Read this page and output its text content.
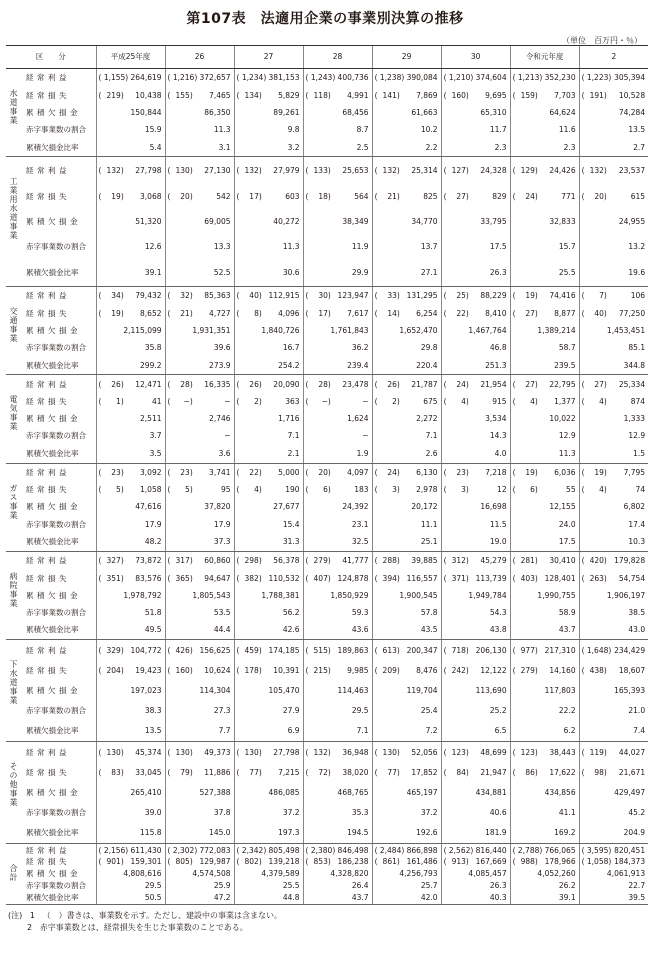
第107表　法適用企業の事業別決算の推移
（単位　百万円・％）
区　　分		平成25年度		26		27		28		29		30		令和元年度		2	

水道事業	経常利益	( 1,155)	264,619	( 1,216)	372,657	( 1,234)	381,153	( 1,243)	400,736	( 1,238)	390,084	( 1,210)	374,604	( 1,213)	352,230	( 1,223)	305,394
	経常損失	( 219)	10,438	( 155)	7,465	( 134)	5,829	( 118)	4,991	( 141)	7,869	( 160)	9,695	( 159)	7,703	( 191)	10,528
	累積欠損金		150,844		86,350		89,261		68,456		61,663		65,310		64,624		74,284
	赤字事業数の割合		15.9		11.3		9.8		8.7		10.2		11.7		11.6		13.5
	累積欠損金比率		5.4		3.1		3.2		2.5		2.2		2.3		2.3		2.7

工業用水道事業	経常利益	( 132)	27,798	( 130)	27,130	( 132)	27,979	( 133)	25,653	( 132)	25,314	( 127)	24,328	( 129)	24,426	( 132)	23,537
	経常損失	( 19)	3,068	( 20)	542	( 17)	603	( 18)	564	( 21)	825	( 27)	829	( 24)	771	( 20)	615
	累積欠損金		51,320		69,005		40,272		38,349		34,770		33,795		32,833		24,955
	赤字事業数の割合		12.6		13.3		11.3		11.9		13.7		17.5		15.7		13.2
	累積欠損金比率		39.1		52.5		30.6		29.9		27.1		26.3		25.5		19.6

交通事業	経常利益	( 34)	79,432	( 32)	85,363	( 40)	112,915	( 30)	123,947	( 33)	131,295	( 25)	88,229	( 19)	74,416	( 7)	106
	経常損失	( 19)	8,652	( 21)	4,727	( 8)	4,096	( 17)	7,617	( 14)	6,254	( 22)	8,410	( 27)	8,877	( 40)	77,250
	累積欠損金		2,115,099		1,931,351		1,840,726		1,761,843		1,652,470		1,467,764		1,389,214		1,453,451
	赤字事業数の割合		35.8		39.6		16.7		36.2		29.8		46.8		58.7		85.1
	累積欠損金比率		299.2		273.9		254.2		239.4		220.4		251.3		239.5		344.8

電気事業	経常利益	( 26)	12,471	( 28)	16,335	( 26)	20,090	( 28)	23,478	( 26)	21,787	( 24)	21,954	( 27)	22,795	( 27)	25,334
	経常損失	( 1)	41	( −)	−	( 2)	363	( −)	−	( 2)	675	( 4)	915	( 4)	1,377	( 4)	874
	累積欠損金		2,511		2,746		1,716		1,624		2,272		3,534		10,022		1,333
	赤字事業数の割合		3.7		−		7.1		−		7.1		14.3		12.9		12.9
	累積欠損金比率		3.5		3.6		2.1		1.9		2.6		4.0		11.3		1.5

ガス事業	経常利益	( 23)	3,092	( 23)	3,741	( 22)	5,000	( 20)	4,097	( 24)	6,130	( 23)	7,218	( 19)	6,036	( 19)	7,795
	経常損失	( 5)	1,058	( 5)	95	( 4)	190	( 6)	183	( 3)	2,978	( 3)	12	( 6)	55	( 4)	74
	累積欠損金		47,616		37,820		27,677		24,392		20,172		16,698		12,155		6,802
	赤字事業数の割合		17.9		17.9		15.4		23.1		11.1		11.5		24.0		17.4
	累積欠損金比率		48.2		37.3		31.3		32.5		25.1		19.0		17.5		10.3

病院事業	経常利益	( 327)	73,872	( 317)	60,860	( 298)	56,378	( 279)	41,777	( 288)	39,885	( 312)	45,279	( 281)	30,410	( 420)	179,828
	経常損失	( 351)	83,576	( 365)	94,647	( 382)	110,532	( 407)	124,878	( 394)	116,557	( 371)	113,739	( 403)	128,401	( 263)	54,754
	累積欠損金		1,978,792		1,805,543		1,788,381		1,850,929		1,900,545		1,949,784		1,990,755		1,906,197
	赤字事業数の割合		51.8		53.5		56.2		59.3		57.8		54.3		58.9		38.5
	累積欠損金比率		49.5		44.4		42.6		43.6		43.5		43.8		43.7		43.0

下水道事業	経常利益	( 329)	104,772	( 426)	156,625	( 459)	174,185	( 515)	189,863	( 613)	200,347	( 718)	206,130	( 977)	217,310	( 1,648)	234,429
	経常損失	( 204)	19,423	( 160)	10,624	( 178)	10,391	( 215)	9,985	( 209)	8,476	( 242)	12,122	( 279)	14,160	( 438)	18,607
	累積欠損金		197,023		114,304		105,470		114,463		119,704		113,690		117,803		165,393
	赤字事業数の割合		38.3		27.3		27.9		29.5		25.4		25.2		22.2		21.0
	累積欠損金比率		13.5		7.7		6.9		7.1		7.2		6.5		6.2		7.4

その他事業	経常利益	( 130)	45,374	( 130)	49,373	( 130)	27,798	( 132)	36,948	( 130)	52,056	( 123)	48,699	( 123)	38,443	( 119)	44,027
	経常損失	( 83)	33,045	( 79)	11,886	( 77)	7,215	( 72)	38,020	( 77)	17,852	( 84)	21,947	( 86)	17,622	( 98)	21,671
	累積欠損金		265,410		527,388		486,085		468,765		465,197		434,881		434,856		429,497
	赤字事業数の割合		39.0		37.8		37.2		35.3		37.2		40.6		41.1		45.2
	累積欠損金比率		115.8		145.0		197.3		194.5		192.6		181.9		169.2		204.9

合計	経常利益	( 2,156)	611,430	( 2,302)	772,083	( 2,342)	805,498	( 2,380)	846,498	( 2,484)	866,898	( 2,562)	816,440	( 2,788)	766,065	( 3,595)	820,451
	経常損失	( 901)	159,301	( 805)	129,987	( 802)	139,218	( 853)	186,238	( 861)	161,486	( 913)	167,669	( 988)	178,966	( 1,058)	184,373
	累積欠損金		4,808,616		4,574,508		4,379,589		4,328,820		4,256,793		4,085,457		4,052,260		4,061,913
	赤字事業数の割合		29.5		25.9		25.5		26.4		25.7		26.3		26.2		22.7
	累積欠損金比率		50.5		47.2		44.8		43.7		42.0		40.3		39.1		39.5
(注) 1 （　）書きは、事業数を示す。ただし、建設中の事業は含まない。
2 赤字事業数とは、経常損失を生じた事業数のことである。
